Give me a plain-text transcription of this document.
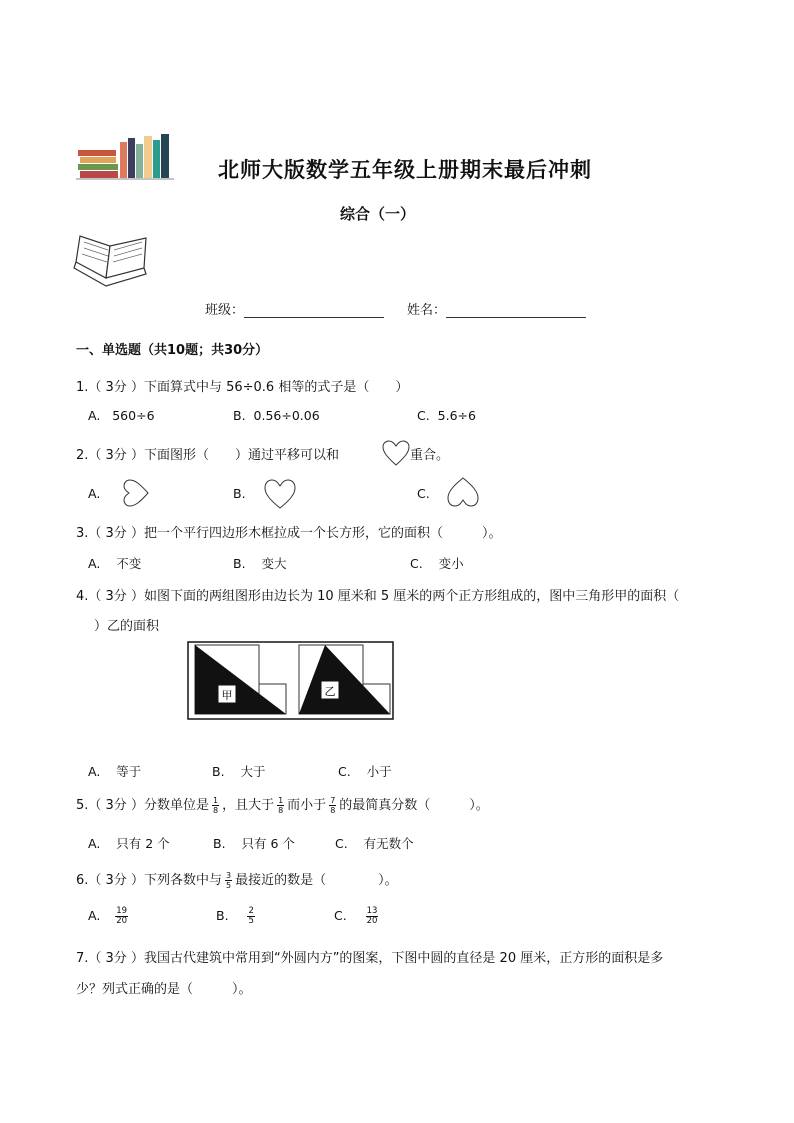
北师大版数学五年级上册期末最后冲刺
综合（一）
班级：	姓名：
一、单选题（共10题；共30分）
1.（ 3分 ）下面算式中与 56÷0.6 相等的式子是（　　）
A. 560÷6	B. 0.56÷0.06	C. 5.6÷6
2.（ 3分 ）下面图形（　　）通过平移可以和	重合。
A.	B.	C.
3.（ 3分 ）把一个平行四边形木框拉成一个长方形，它的面积（　　　）。
A. 不变	B. 变大	C. 变小
4.（ 3分 ）如图下面的两组图形由边长为 10 厘米和 5 厘米的两个正方形组成的，图中三角形甲的面积（
）乙的面积
甲	乙
A. 等于	B. 大于	C. 小于
5.（ 3分 ）分数单位是 $\frac{1}{8}$ ，且大于 $\frac{1}{8}$ 而小于 $\frac{7}{8}$ 的最简真分数（　　　）。
A. 只有 2 个	B. 只有 6 个	C. 有无数个
6.（ 3分 ）下列各数中与 $\frac{3}{5}$ 最接近的数是（　　　　）。
A. $\frac{19}{20}$	B. $\frac{2}{5}$	C. $\frac{13}{20}$
7.（ 3分 ）我国古代建筑中常用到“外圆内方”的图案，下图中圆的直径是 20 厘米，正方形的面积是多
少？列式正确的是（　　　）。
